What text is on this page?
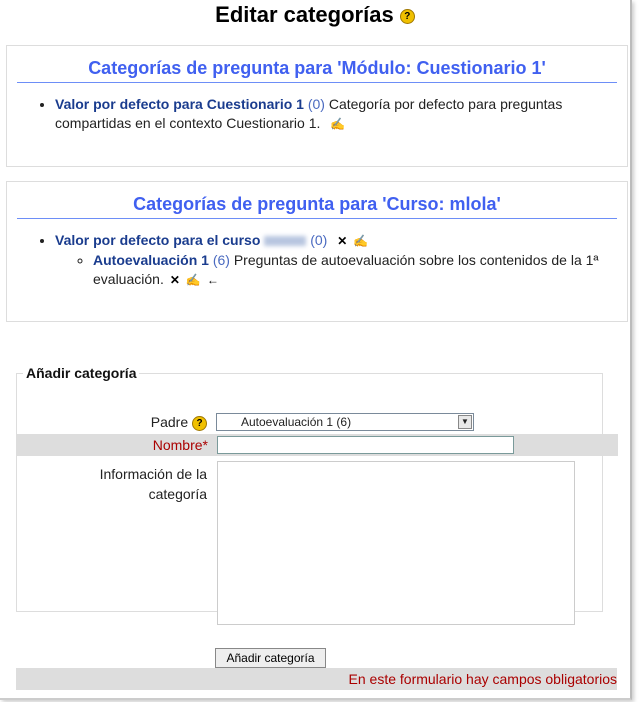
Editar categorías ?
Categorías de pregunta para 'Módulo: Cuestionario 1'
• Valor por defecto para Cuestionario 1 (0) Categoría por defecto para preguntas compartidas en el contexto Cuestionario 1. ✍
Categorías de pregunta para 'Curso: mlola'
• Valor por defecto para el curso	(0) ✕ ✍
◦ Autoevaluación 1 (6) Preguntas de autoevaluación sobre los contenidos de la 1ª evaluación. ✕ ✍ ←
Añadir categoría
Padre ?	Autoevaluación 1 (6)	▼
Nombre*
Información de la categoría
Añadir categoría
En este formulario hay campos obligatorios
